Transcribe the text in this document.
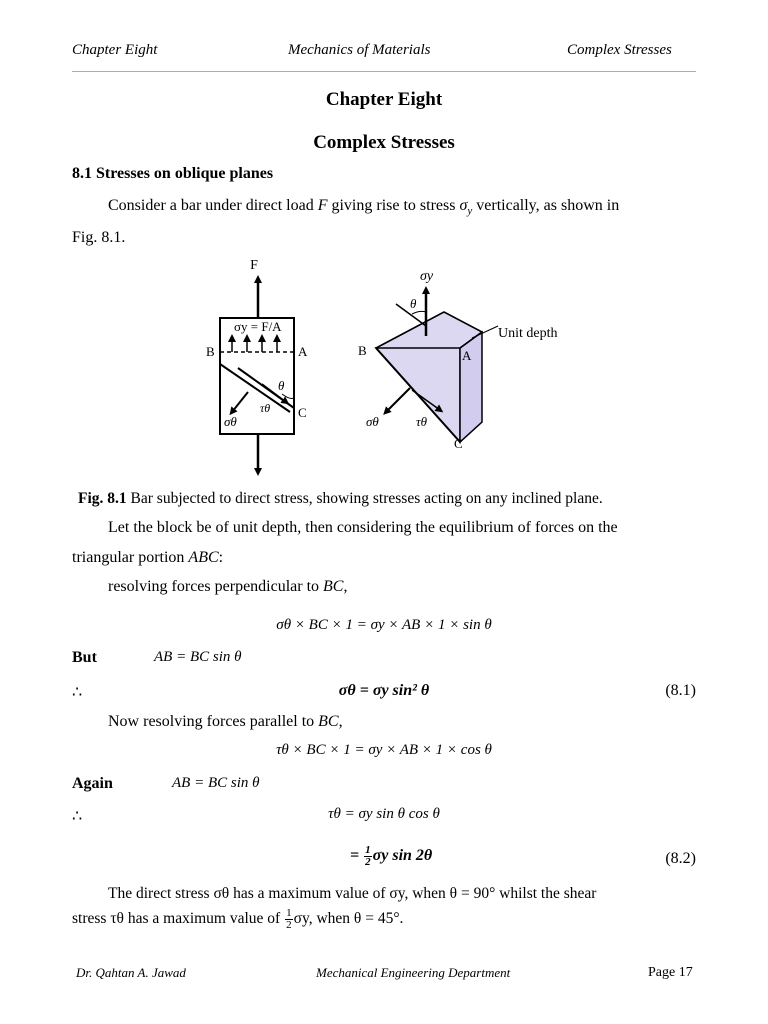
Chapter Eight	Mechanics of Materials	Complex Stresses
Chapter Eight
Complex Stresses
8.1 Stresses on oblique planes
Consider a bar under direct load F giving rise to stress $\sigma_y$ vertically, as shown in
Fig. 8.1.
F
σy = F/A
B	A
θ
C
τθ
σθ
σy
θ
Unit depth
B	A
C
σθ	τθ
Fig. 8.1 Bar subjected to direct stress, showing stresses acting on any inclined plane.
Let the block be of unit depth, then considering the equilibrium of forces on the
triangular portion ABC:
resolving forces perpendicular to BC,
σθ × BC × 1 = σy × AB × 1 × sin θ
But	AB = BC sin θ
∴	σθ = σy sin² θ	(8.1)
Now resolving forces parallel to BC,
τθ × BC × 1 = σy × AB × 1 × cos θ
Again	AB = BC sin θ
∴	τθ = σy sin θ cos θ
= $\frac{1}{2}$ σy sin 2θ	(8.2)
The direct stress σθ has a maximum value of σy, when θ = 90° whilst the shear
stress τθ has a maximum value of $\frac{1}{2} \sigma y$, when θ = 45°.
Dr. Qahtan A. Jawad	Mechanical Engineering Department	Page 17
